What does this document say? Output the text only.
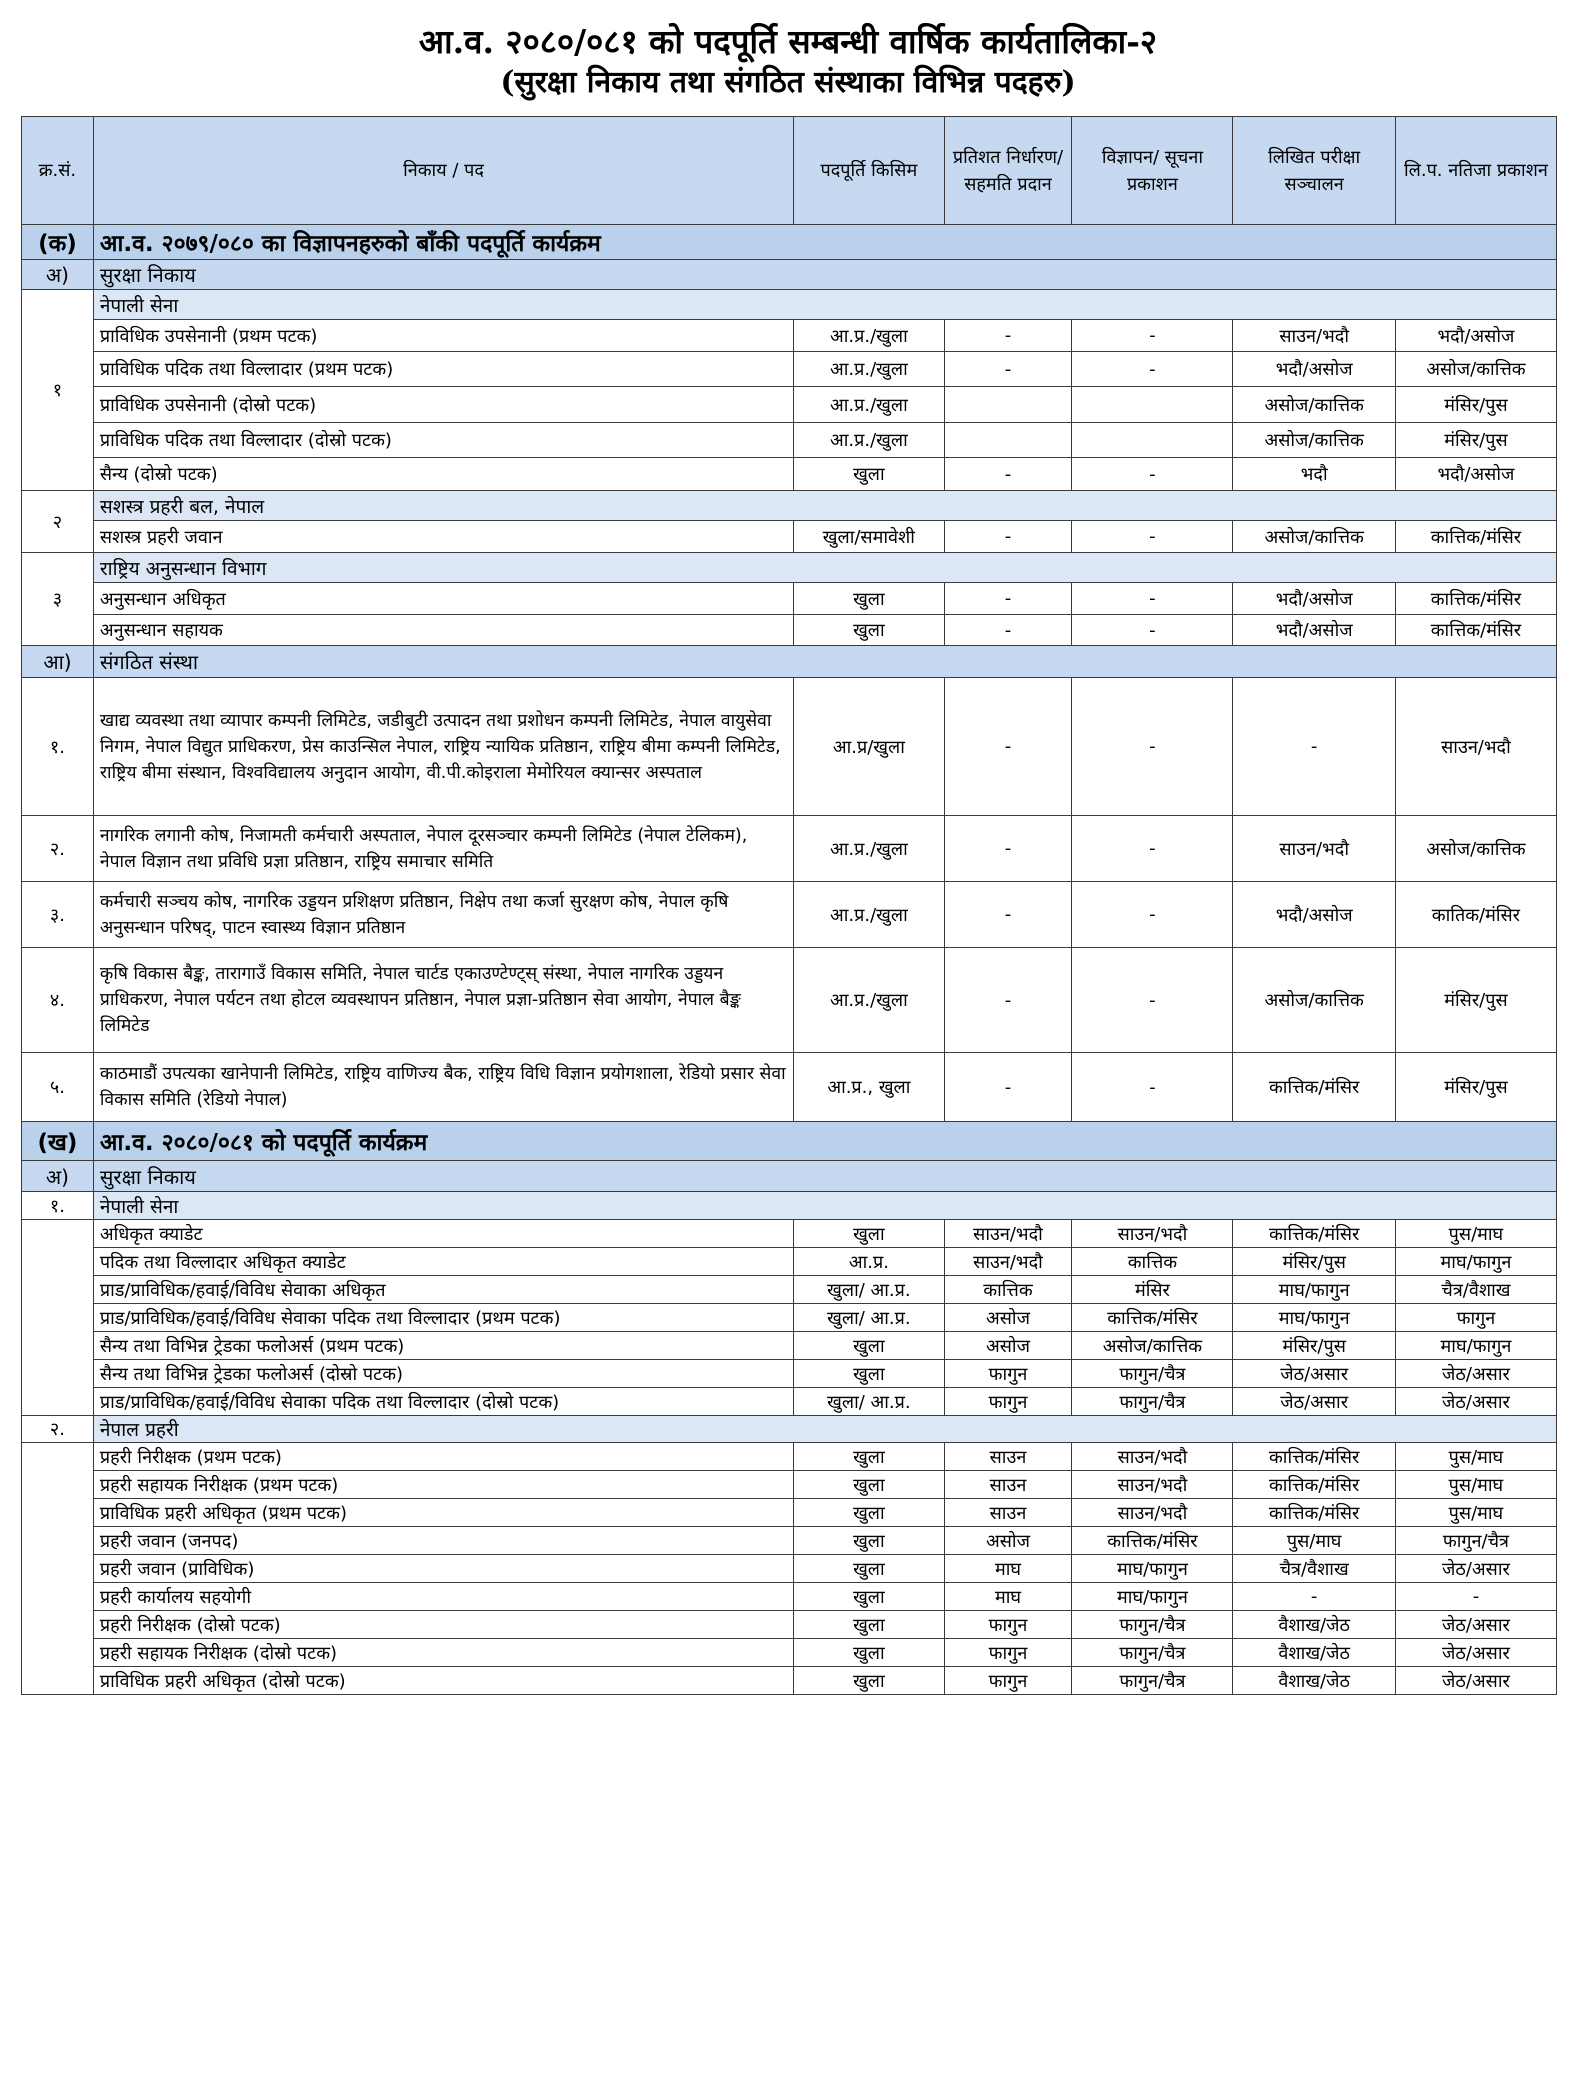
आ.व. २०८०/०८१ को पदपूर्ति सम्बन्धी वार्षिक कार्यतालिका-२
(सुरक्षा निकाय तथा संगठित संस्थाका विभिन्न पदहरु)
क्र.सं.	निकाय / पद	पदपूर्ति किसिम	प्रतिशत निर्धारण/ सहमति प्रदान	विज्ञापन/ सूचना प्रकाशन	लिखित परीक्षा सञ्चालन	लि.प. नतिजा प्रकाशन
(क)	आ.व. २०७९/०८० का विज्ञापनहरुको बाँकी पदपूर्ति कार्यक्रम					
अ)	सुरक्षा निकाय					
१	नेपाली सेना					
	प्राविधिक उपसेनानी (प्रथम पटक)	आ.प्र./खुला	-	-	साउन/भदौ	भदौ/असोज
	प्राविधिक पदिक तथा विल्लादार (प्रथम पटक)	आ.प्र./खुला	-	-	भदौ/असोज	असोज/कात्तिक
	प्राविधिक उपसेनानी (दोस्रो पटक)	आ.प्र./खुला			असोज/कात्तिक	मंसिर/पुस
	प्राविधिक पदिक तथा विल्लादार (दोस्रो पटक)	आ.प्र./खुला			असोज/कात्तिक	मंसिर/पुस
	सैन्य (दोस्रो पटक)	खुला	-	-	भदौ	भदौ/असोज
२	सशस्त्र प्रहरी बल, नेपाल					
	सशस्त्र प्रहरी जवान	खुला/समावेशी	-	-	असोज/कात्तिक	कात्तिक/मंसिर
३	राष्ट्रिय अनुसन्धान विभाग					
	अनुसन्धान अधिकृत	खुला	-	-	भदौ/असोज	कात्तिक/मंसिर
	अनुसन्धान सहायक	खुला	-	-	भदौ/असोज	कात्तिक/मंसिर
आ)	संगठित संस्था					
१.	खाद्य व्यवस्था तथा व्यापार कम्पनी लिमिटेड, जडीबुटी उत्पादन तथा प्रशोधन कम्पनी लिमिटेड, नेपाल वायुसेवा निगम, नेपाल विद्युत प्राधिकरण, प्रेस काउन्सिल नेपाल, राष्ट्रिय न्यायिक प्रतिष्ठान, राष्ट्रिय बीमा कम्पनी लिमिटेड, राष्ट्रिय बीमा संस्थान, विश्वविद्यालय अनुदान आयोग, वी.पी.कोइराला मेमोरियल क्यान्सर अस्पताल	आ.प्र/खुला	-	-	-	साउन/भदौ
२.	नागरिक लगानी कोष, निजामती कर्मचारी अस्पताल, नेपाल दूरसञ्चार कम्पनी लिमिटेड (नेपाल टेलिकम), नेपाल विज्ञान तथा प्रविधि प्रज्ञा प्रतिष्ठान, राष्ट्रिय समाचार समिति	आ.प्र./खुला	-	-	साउन/भदौ	असोज/कात्तिक
३.	कर्मचारी सञ्चय कोष, नागरिक उड्डयन प्रशिक्षण प्रतिष्ठान, निक्षेप तथा कर्जा सुरक्षण कोष, नेपाल कृषि अनुसन्धान परिषद्, पाटन स्वास्थ्य विज्ञान प्रतिष्ठान	आ.प्र./खुला	-	-	भदौ/असोज	कातिक/मंसिर
४.	कृषि विकास बैङ्क, तारागाउँ विकास समिति, नेपाल चार्टड एकाउण्टेण्ट्स् संस्था, नेपाल नागरिक उड्डयन प्राधिकरण, नेपाल पर्यटन तथा होटल व्यवस्थापन प्रतिष्ठान, नेपाल प्रज्ञा-प्रतिष्ठान सेवा आयोग, नेपाल बैङ्क लिमिटेड	आ.प्र./खुला	-	-	असोज/कात्तिक	मंसिर/पुस
५.	काठमाडौं उपत्यका खानेपानी लिमिटेड, राष्ट्रिय वाणिज्य बैक, राष्ट्रिय विधि विज्ञान प्रयोगशाला, रेडियो प्रसार सेवा विकास समिति (रेडियो नेपाल)	आ.प्र., खुला	-	-	कात्तिक/मंसिर	मंसिर/पुस
(ख)	आ.व. २०८०/०८१ को पदपूर्ति कार्यक्रम					
अ)	सुरक्षा निकाय					
१.	नेपाली सेना					
	अधिकृत क्याडेट	खुला	साउन/भदौ	साउन/भदौ	कात्तिक/मंसिर	पुस/माघ
	पदिक तथा विल्लादार अधिकृत क्याडेट	आ.प्र.	साउन/भदौ	कात्तिक	मंसिर/पुस	माघ/फागुन
	प्राड/प्राविधिक/हवाई/विविध सेवाका अधिकृत	खुला/ आ.प्र.	कात्तिक	मंसिर	माघ/फागुन	चैत्र/वैशाख
	प्राड/प्राविधिक/हवाई/विविध सेवाका पदिक तथा विल्लादार (प्रथम पटक)	खुला/ आ.प्र.	असोज	कात्तिक/मंसिर	माघ/फागुन	फागुन
	सैन्य तथा विभिन्न ट्रेडका फलोअर्स (प्रथम पटक)	खुला	असोज	असोज/कात्तिक	मंसिर/पुस	माघ/फागुन
	सैन्य तथा विभिन्न ट्रेडका फलोअर्स (दोस्रो पटक)	खुला	फागुन	फागुन/चैत्र	जेठ/असार	जेठ/असार
	प्राड/प्राविधिक/हवाई/विविध सेवाका पदिक तथा विल्लादार (दोस्रो पटक)	खुला/ आ.प्र.	फागुन	फागुन/चैत्र	जेठ/असार	जेठ/असार
२.	नेपाल प्रहरी					
	प्रहरी निरीक्षक (प्रथम पटक)	खुला	साउन	साउन/भदौ	कात्तिक/मंसिर	पुस/माघ
	प्रहरी सहायक निरीक्षक (प्रथम पटक)	खुला	साउन	साउन/भदौ	कात्तिक/मंसिर	पुस/माघ
	प्राविधिक प्रहरी अधिकृत (प्रथम पटक)	खुला	साउन	साउन/भदौ	कात्तिक/मंसिर	पुस/माघ
	प्रहरी जवान (जनपद)	खुला	असोज	कात्तिक/मंसिर	पुस/माघ	फागुन/चैत्र
	प्रहरी जवान (प्राविधिक)	खुला	माघ	माघ/फागुन	चैत्र/वैशाख	जेठ/असार
	प्रहरी कार्यालय सहयोगी	खुला	माघ	माघ/फागुन	-	-
	प्रहरी निरीक्षक (दोस्रो पटक)	खुला	फागुन	फागुन/चैत्र	वैशाख/जेठ	जेठ/असार
	प्रहरी सहायक निरीक्षक (दोस्रो पटक)	खुला	फागुन	फागुन/चैत्र	वैशाख/जेठ	जेठ/असार
	प्राविधिक प्रहरी अधिकृत (दोस्रो पटक)	खुला	फागुन	फागुन/चैत्र	वैशाख/जेठ	जेठ/असार
